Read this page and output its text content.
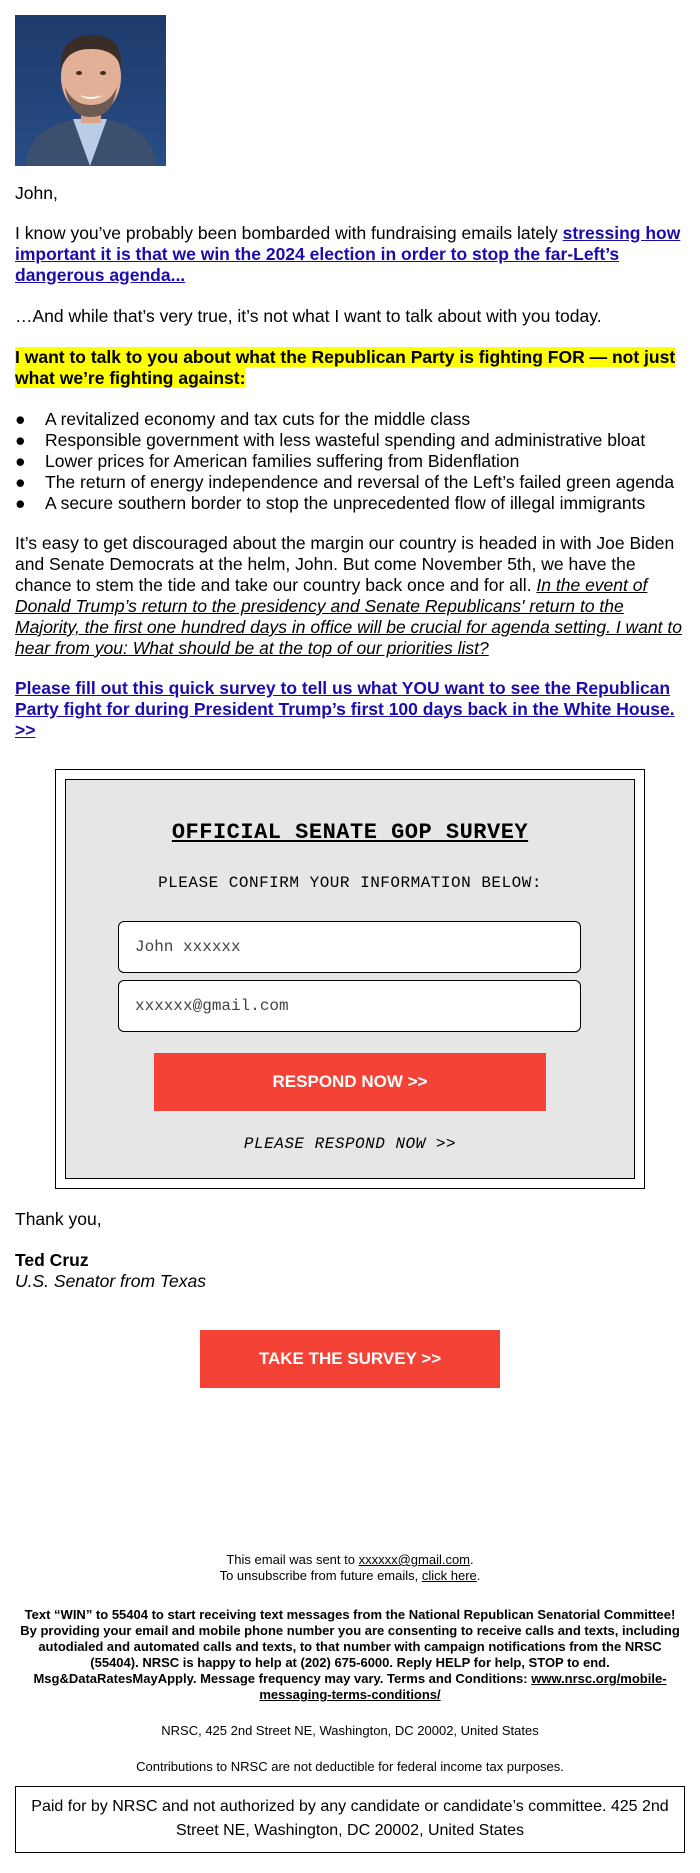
John,

I know you’ve probably been bombarded with fundraising emails lately stressing how important it is that we win the 2024 election in order to stop the far-Left’s dangerous agenda...

…And while that’s very true, it’s not what I want to talk about with you today.

I want to talk to you about what the Republican Party is fighting FOR — not just what we’re fighting against:

● A revitalized economy and tax cuts for the middle class
● Responsible government with less wasteful spending and administrative bloat
● Lower prices for American families suffering from Bidenflation
● The return of energy independence and reversal of the Left’s failed green agenda
● A secure southern border to stop the unprecedented flow of illegal immigrants

It’s easy to get discouraged about the margin our country is headed in with Joe Biden and Senate Democrats at the helm, John. But come November 5th, we have the chance to stem the tide and take our country back once and for all. In the event of Donald Trump’s return to the presidency and Senate Republicans' return to the Majority, the first one hundred days in office will be crucial for agenda setting. I want to hear from you: What should be at the top of our priorities list?

Please fill out this quick survey to tell us what YOU want to see the Republican Party fight for during President Trump’s first 100 days back in the White House. >>

OFFICIAL SENATE GOP SURVEY
PLEASE CONFIRM YOUR INFORMATION BELOW:
John xxxxxx
xxxxxx@gmail.com
RESPOND NOW >>
PLEASE RESPOND NOW >>

Thank you,

Ted Cruz

U.S. Senator from Texas

TAKE THE SURVEY >>

This email was sent to xxxxxx@gmail.com.

To unsubscribe from future emails, click here.

Text “WIN” to 55404 to start receiving text messages from the National Republican Senatorial Committee! By providing your email and mobile phone number you are consenting to receive calls and texts, including autodialed and automated calls and texts, to that number with campaign notifications from the NRSC (55404). NRSC is happy to help at (202) 675-6000. Reply HELP for help, STOP to end. Msg&DataRatesMayApply. Message frequency may vary. Terms and Conditions: www.nrsc.org/mobile-messaging-terms-conditions/

NRSC, 425 2nd Street NE, Washington, DC 20002, United States

Contributions to NRSC are not deductible for federal income tax purposes.

Paid for by NRSC and not authorized by any candidate or candidate’s committee. 425 2nd Street NE, Washington, DC 20002, United States
